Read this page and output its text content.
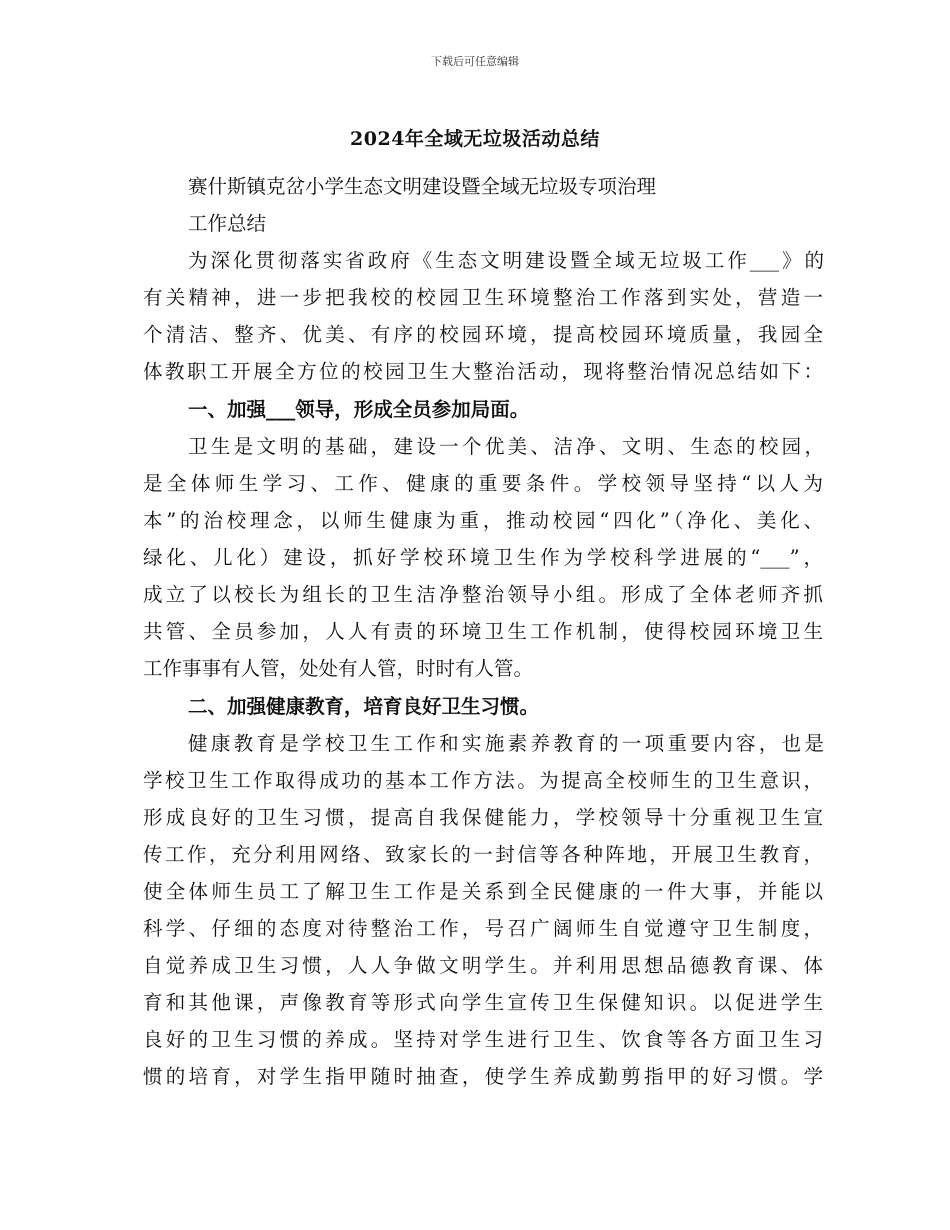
下载后可任意编辑
2024年全域无垃圾活动总结
赛什斯镇克岔小学生态文明建设暨全域无垃圾专项治理
工作总结
为深化贯彻落实省政府《生态文明建设暨全域无垃圾工作___》的
有关精神，进一步把我校的校园卫生环境整治工作落到实处，营造一
个清洁、整齐、优美、有序的校园环境，提高校园环境质量，我园全
体教职工开展全方位的校园卫生大整治活动，现将整治情况总结如下：
一、加强___领导，形成全员参加局面。
卫生是文明的基础，建设一个优美、洁净、文明、生态的校园，
是全体师生学习、工作、健康的重要条件。学校领导坚持“以人为
本”的治校理念，以师生健康为重，推动校园“四化”（净化、美化、
绿化、儿化）建设，抓好学校环境卫生作为学校科学进展的“___”，
成立了以校长为组长的卫生洁净整治领导小组。形成了全体老师齐抓
共管、全员参加，人人有责的环境卫生工作机制，使得校园环境卫生
工作事事有人管，处处有人管，时时有人管。
二、加强健康教育，培育良好卫生习惯。
健康教育是学校卫生工作和实施素养教育的一项重要内容，也是
学校卫生工作取得成功的基本工作方法。为提高全校师生的卫生意识，
形成良好的卫生习惯，提高自我保健能力，学校领导十分重视卫生宣
传工作，充分利用网络、致家长的一封信等各种阵地，开展卫生教育，
使全体师生员工了解卫生工作是关系到全民健康的一件大事，并能以
科学、仔细的态度对待整治工作，号召广阔师生自觉遵守卫生制度，
自觉养成卫生习惯，人人争做文明学生。并利用思想品德教育课、体
育和其他课，声像教育等形式向学生宣传卫生保健知识。以促进学生
良好的卫生习惯的养成。坚持对学生进行卫生、饮食等各方面卫生习
惯的培育，对学生指甲随时抽查，使学生养成勤剪指甲的好习惯。学
